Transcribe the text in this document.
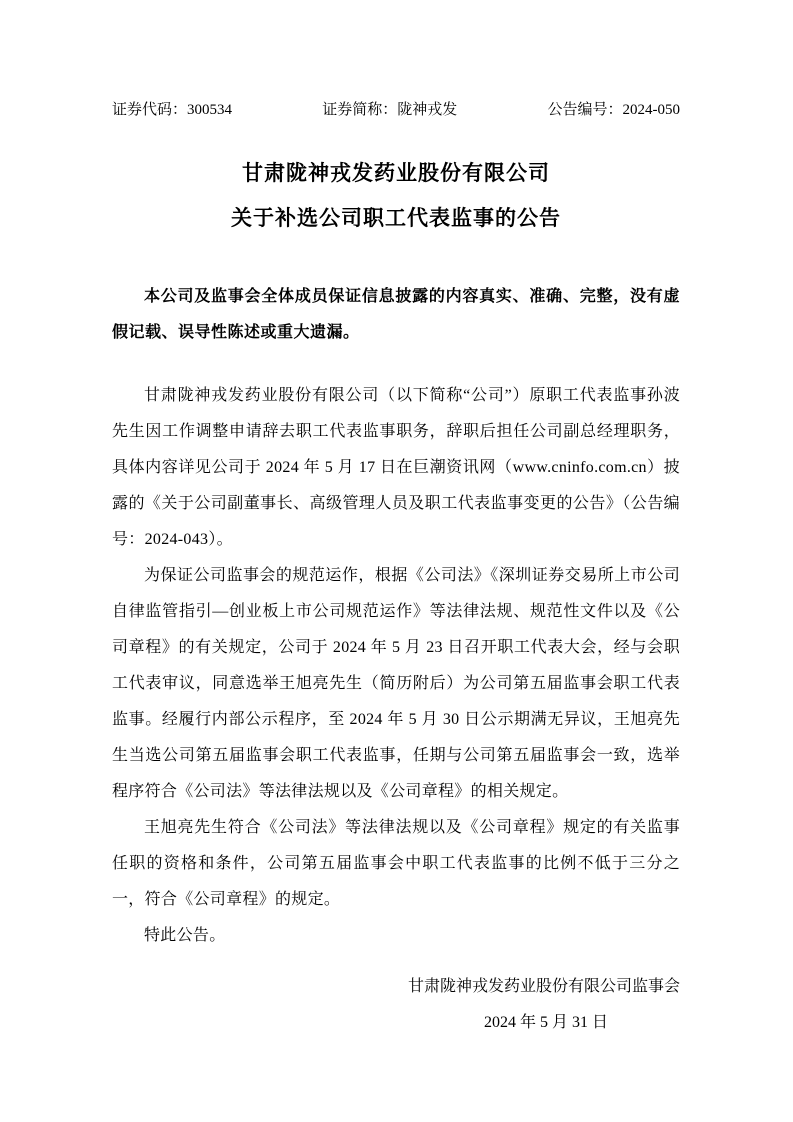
证券代码：300534	证券简称：陇神戎发	公告编号：2024-050
甘肃陇神戎发药业股份有限公司
关于补选公司职工代表监事的公告

本公司及监事会全体成员保证信息披露的内容真实、准确、完整，没有虚假记载、误导性陈述或重大遗漏。

甘肃陇神戎发药业股份有限公司（以下简称“公司”）原职工代表监事孙波先生因工作调整申请辞去职工代表监事职务，辞职后担任公司副总经理职务，具体内容详见公司于 2024 年 5 月 17 日在巨潮资讯网（www.cninfo.com.cn）披露的《关于公司副董事长、高级管理人员及职工代表监事变更的公告》（公告编号：2024-043）。

为保证公司监事会的规范运作，根据《公司法》《深圳证券交易所上市公司自律监管指引—创业板上市公司规范运作》等法律法规、规范性文件以及《公司章程》的有关规定，公司于 2024 年 5 月 23 日召开职工代表大会，经与会职工代表审议，同意选举王旭亮先生（简历附后）为公司第五届监事会职工代表监事。经履行内部公示程序，至 2024 年 5 月 30 日公示期满无异议，王旭亮先生当选公司第五届监事会职工代表监事，任期与公司第五届监事会一致，选举程序符合《公司法》等法律法规以及《公司章程》的相关规定。

王旭亮先生符合《公司法》等法律法规以及《公司章程》规定的有关监事任职的资格和条件，公司第五届监事会中职工代表监事的比例不低于三分之一，符合《公司章程》的规定。

特此公告。

甘肃陇神戎发药业股份有限公司监事会

2024 年 5 月 31 日
